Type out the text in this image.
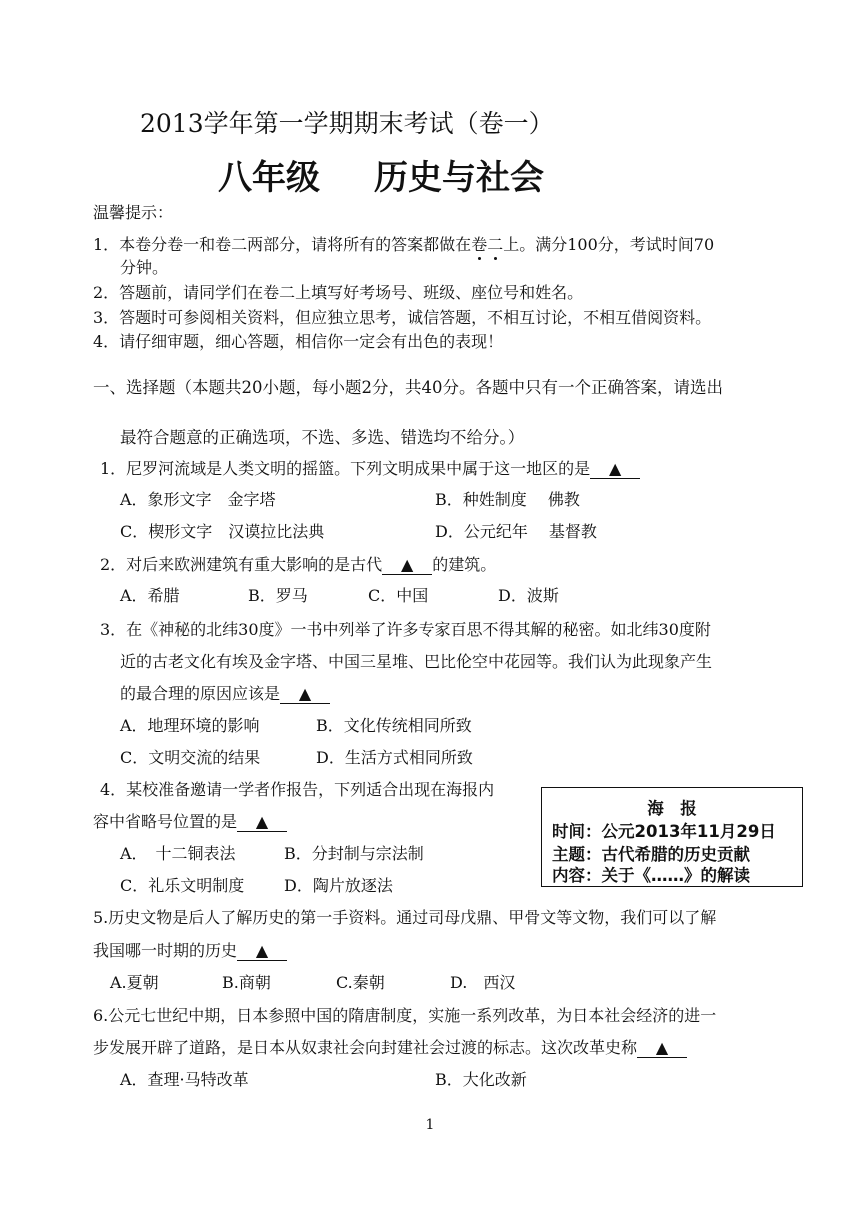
2013学年第一学期期末考试（卷一）
八年级 历史与社会
温馨提示：
1．本卷分卷一和卷二两部分，请将所有的答案都做在卷二上。满分100分，考试时间70
分钟。
2．答题前，请同学们在卷二上填写好考场号、班级、座位号和姓名。
3．答题时可参阅相关资料，但应独立思考，诚信答题，不相互讨论，不相互借阅资料。
4．请仔细审题，细心答题，相信你一定会有出色的表现！
一、选择题（本题共20小题，每小题2分，共40分。各题中只有一个正确答案，请选出
最符合题意的正确选项，不选、多选、错选均不给分。）
1．尼罗河流域是人类文明的摇篮。下列文明成果中属于这一地区的是 ▲
A．象形文字　金字塔	B．种姓制度　 佛教
C．楔形文字　汉谟拉比法典	D．公元纪年　 基督教
2．对后来欧洲建筑有重大影响的是古代 ▲ 的建筑。
A．希腊	B．罗马	C．中国	D．波斯
3．在《神秘的北纬30度》一书中列举了许多专家百思不得其解的秘密。如北纬30度附
近的古老文化有埃及金字塔、中国三星堆、巴比伦空中花园等。我们认为此现象产生
的最合理的原因应该是 ▲
A．地理环境的影响	B．文化传统相同所致
C．文明交流的结果	D．生活方式相同所致
4．某校准备邀请一学者作报告，下列适合出现在海报内
容中省略号位置的是 ▲
A．　十二铜表法	B．分封制与宗法制
C．礼乐文明制度 D．陶片放逐法
海　报
时间：公元2013年11月29日
主题：古代希腊的历史贡献
内容：关于《……》的解读
5.历史文物是后人了解历史的第一手资料。通过司母戊鼎、甲骨文等文物，我们可以了解
我国哪一时期的历史 ▲
A.夏朝	B.商朝	C.秦朝	D.　西汉
6.公元七世纪中期，日本参照中国的隋唐制度，实施一系列改革，为日本社会经济的进一
步发展开辟了道路，是日本从奴隶社会向封建社会过渡的标志。这次改革史称 ▲
A．查理·马特改革	B．大化改新
1
